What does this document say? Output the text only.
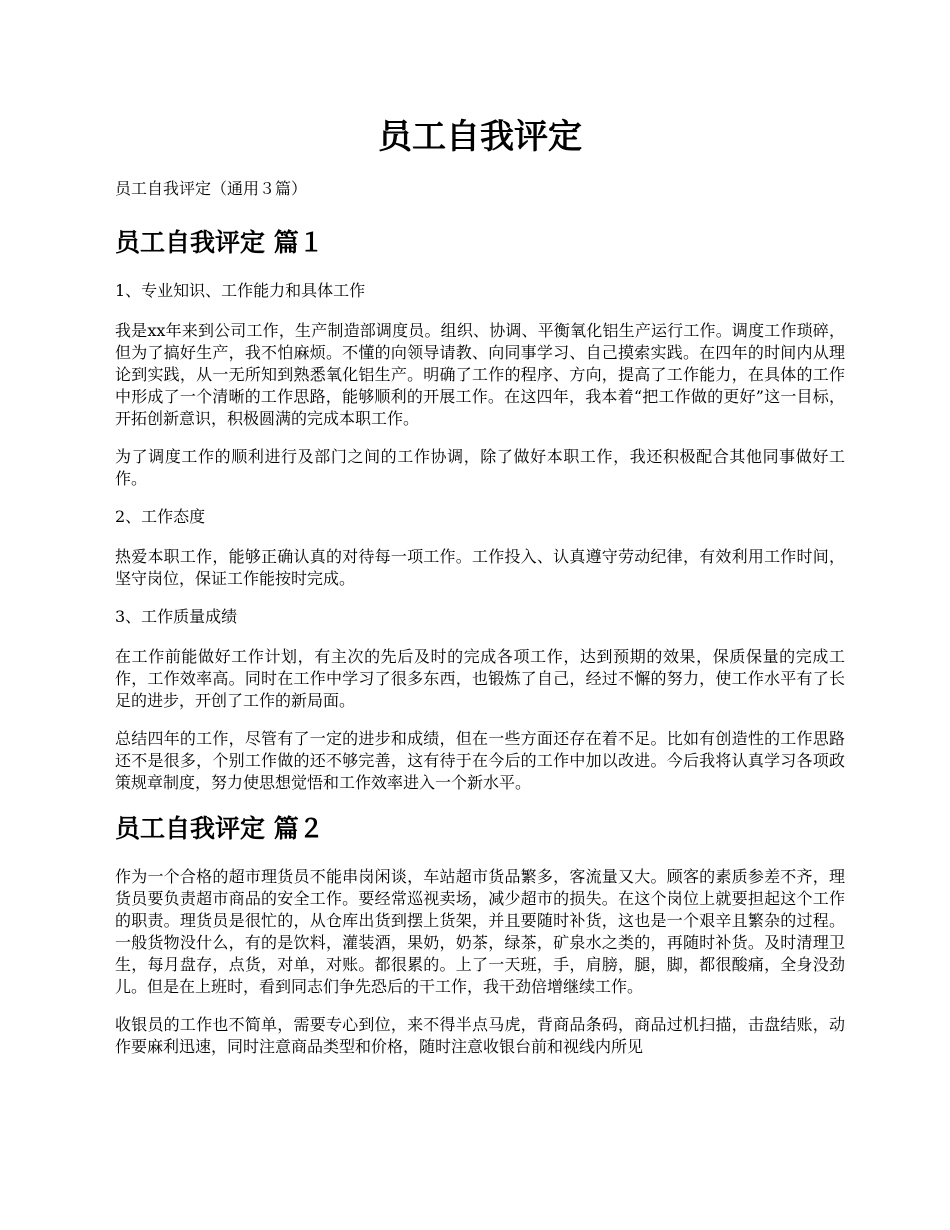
员工自我评定

员工自我评定（通用３篇）

员工自我评定 篇１

1、专业知识、工作能力和具体工作

我是xx年来到公司工作，生产制造部调度员。组织、协调、平衡氧化铝生产运行工作。调度工作琐碎，但为了搞好生产，我不怕麻烦。不懂的向领导请教、向同事学习、自己摸索实践。在四年的时间内从理论到实践，从一无所知到熟悉氧化铝生产。明确了工作的程序、方向，提高了工作能力，在具体的工作中形成了一个清晰的工作思路，能够顺利的开展工作。在这四年，我本着“把工作做的更好”这一目标，开拓创新意识，积极圆满的完成本职工作。

为了调度工作的顺利进行及部门之间的工作协调，除了做好本职工作，我还积极配合其他同事做好工作。

2、工作态度

热爱本职工作，能够正确认真的对待每一项工作。工作投入、认真遵守劳动纪律，有效利用工作时间，坚守岗位，保证工作能按时完成。

3、工作质量成绩

在工作前能做好工作计划，有主次的先后及时的完成各项工作，达到预期的效果，保质保量的完成工作，工作效率高。同时在工作中学习了很多东西，也锻炼了自己，经过不懈的努力，使工作水平有了长足的进步，开创了工作的新局面。

总结四年的工作，尽管有了一定的进步和成绩，但在一些方面还存在着不足。比如有创造性的工作思路还不是很多，个别工作做的还不够完善，这有待于在今后的工作中加以改进。今后我将认真学习各项政策规章制度，努力使思想觉悟和工作效率进入一个新水平。

员工自我评定 篇２

作为一个合格的超市理货员不能串岗闲谈，车站超市货品繁多，客流量又大。顾客的素质参差不齐，理货员要负责超市商品的安全工作。要经常巡视卖场，减少超市的损失。在这个岗位上就要担起这个工作的职责。理货员是很忙的，从仓库出货到摆上货架，并且要随时补货，这也是一个艰辛且繁杂的过程。一般货物没什么，有的是饮料，灌装酒，果奶，奶茶，绿茶，矿泉水之类的，再随时补货。及时清理卫生，每月盘存，点货，对单，对账。都很累的。上了一天班，手，肩膀，腿，脚，都很酸痛，全身没劲儿。但是在上班时，看到同志们争先恐后的干工作，我干劲倍增继续工作。

收银员的工作也不简单，需要专心到位，来不得半点马虎，背商品条码，商品过机扫描，击盘结账，动作要麻利迅速，同时注意商品类型和价格，随时注意收银台前和视线内所见
